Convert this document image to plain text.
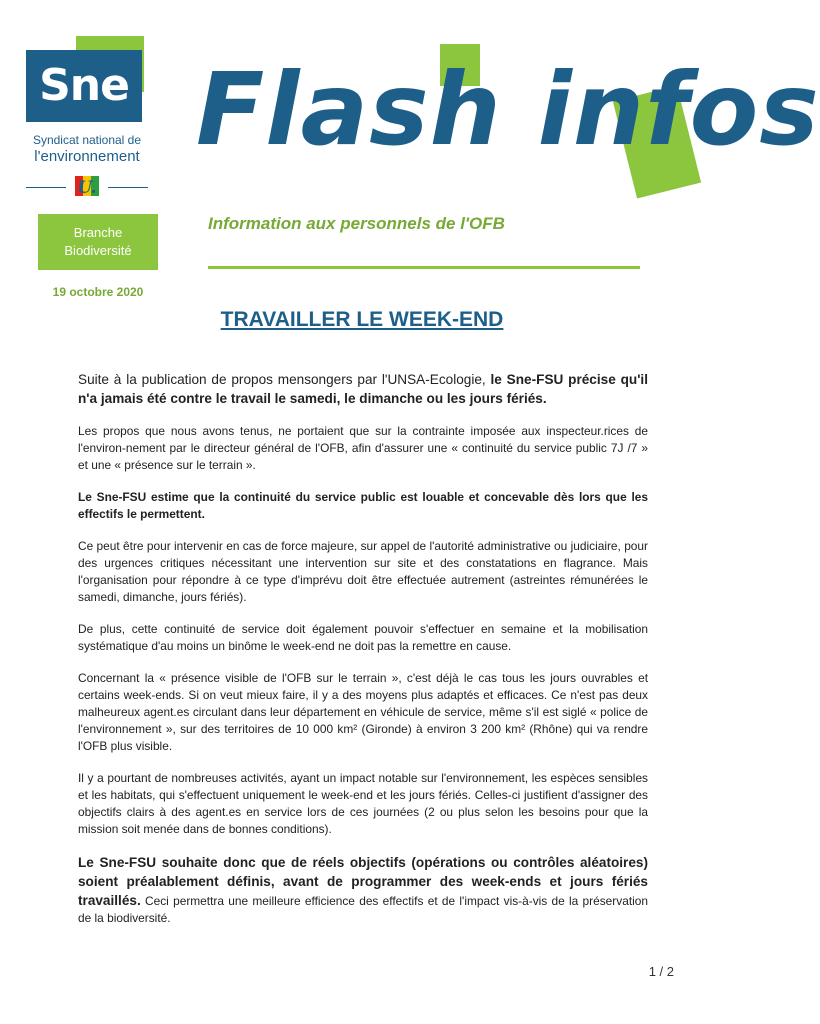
Sne
Syndicat national de
l'environnement
U.
Branche
Biodiversité
19 octobre 2020
Flash infos
Information aux personnels de l'OFB
TRAVAILLER LE WEEK-END

Suite à la publication de propos mensongers par l'UNSA-Ecologie, le Sne-FSU précise qu'il n'a jamais été contre le travail le samedi, le dimanche ou les jours fériés.

Les propos que nous avons tenus, ne portaient que sur la contrainte imposée aux inspecteur.rices de l'environ-nement par le directeur général de l'OFB, afin d'assurer une « continuité du service public 7J /7 » et une « présence sur le terrain ».

Le Sne-FSU estime que la continuité du service public est louable et concevable dès lors que les effectifs le permettent.

Ce peut être pour intervenir en cas de force majeure, sur appel de l'autorité administrative ou judiciaire, pour des urgences critiques nécessitant une intervention sur site et des constatations en flagrance. Mais l'organisation pour répondre à ce type d'imprévu doit être effectuée autrement (astreintes rémunérées le samedi, dimanche, jours fériés).

De plus, cette continuité de service doit également pouvoir s'effectuer en semaine et la mobilisation systématique d'au moins un binôme le week-end ne doit pas la remettre en cause.

Concernant la « présence visible de l'OFB sur le terrain », c'est déjà le cas tous les jours ouvrables et certains week-ends. Si on veut mieux faire, il y a des moyens plus adaptés et efficaces. Ce n'est pas deux malheureux agent.es circulant dans leur département en véhicule de service, même s'il est siglé « police de l'environnement », sur des territoires de 10 000 km² (Gironde) à environ 3 200 km² (Rhône) qui va rendre l'OFB plus visible.

Il y a pourtant de nombreuses activités, ayant un impact notable sur l'environnement, les espèces sensibles et les habitats, qui s'effectuent uniquement le week-end et les jours fériés. Celles-ci justifient d'assigner des objectifs clairs à des agent.es en service lors de ces journées (2 ou plus selon les besoins pour que la mission soit menée dans de bonnes conditions).

Le Sne-FSU souhaite donc que de réels objectifs (opérations ou contrôles aléatoires) soient préalablement définis, avant de programmer des week-ends et jours fériés travaillés. Ceci permettra une meilleure efficience des effectifs et de l'impact vis-à-vis de la préservation de la biodiversité.

1 / 2
